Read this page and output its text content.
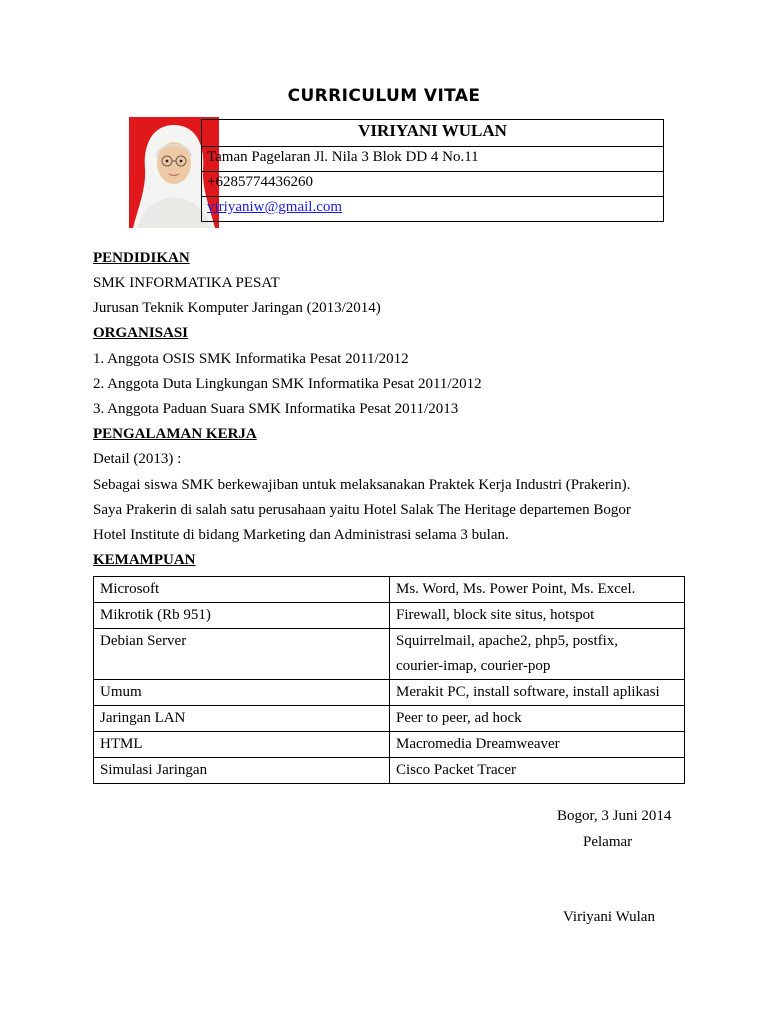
CURRICULUM VITAE
VIRIYANI WULAN
Taman Pagelaran Jl. Nila 3 Blok DD 4 No.11
+6285774436260
viriyaniw@gmail.com
PENDIDIKAN
SMK INFORMATIKA PESAT
Jurusan Teknik Komputer Jaringan (2013/2014)
ORGANISASI
1. Anggota OSIS SMK Informatika Pesat 2011/2012
2. Anggota Duta Lingkungan SMK Informatika Pesat 2011/2012
3. Anggota Paduan Suara SMK Informatika Pesat 2011/2013
PENGALAMAN KERJA
Detail (2013) :
Sebagai siswa SMK berkewajiban untuk melaksanakan Praktek Kerja Industri (Prakerin).
Saya Prakerin di salah satu perusahaan yaitu Hotel Salak The Heritage departemen Bogor
Hotel Institute di bidang Marketing dan Administrasi selama 3 bulan.
KEMAMPUAN
Microsoft	Ms. Word, Ms. Power Point, Ms. Excel.
Mikrotik (Rb 951)	Firewall, block site situs, hotspot
Debian Server	Squirrelmail, apache2, php5, postfix,
courier-imap, courier-pop

Umum	Merakit PC, install software, install aplikasi
Jaringan LAN	Peer to peer, ad hock
HTML	Macromedia Dreamweaver
Simulasi Jaringan	Cisco Packet Tracer
Bogor, 3 Juni 2014
Pelamar
Viriyani Wulan
